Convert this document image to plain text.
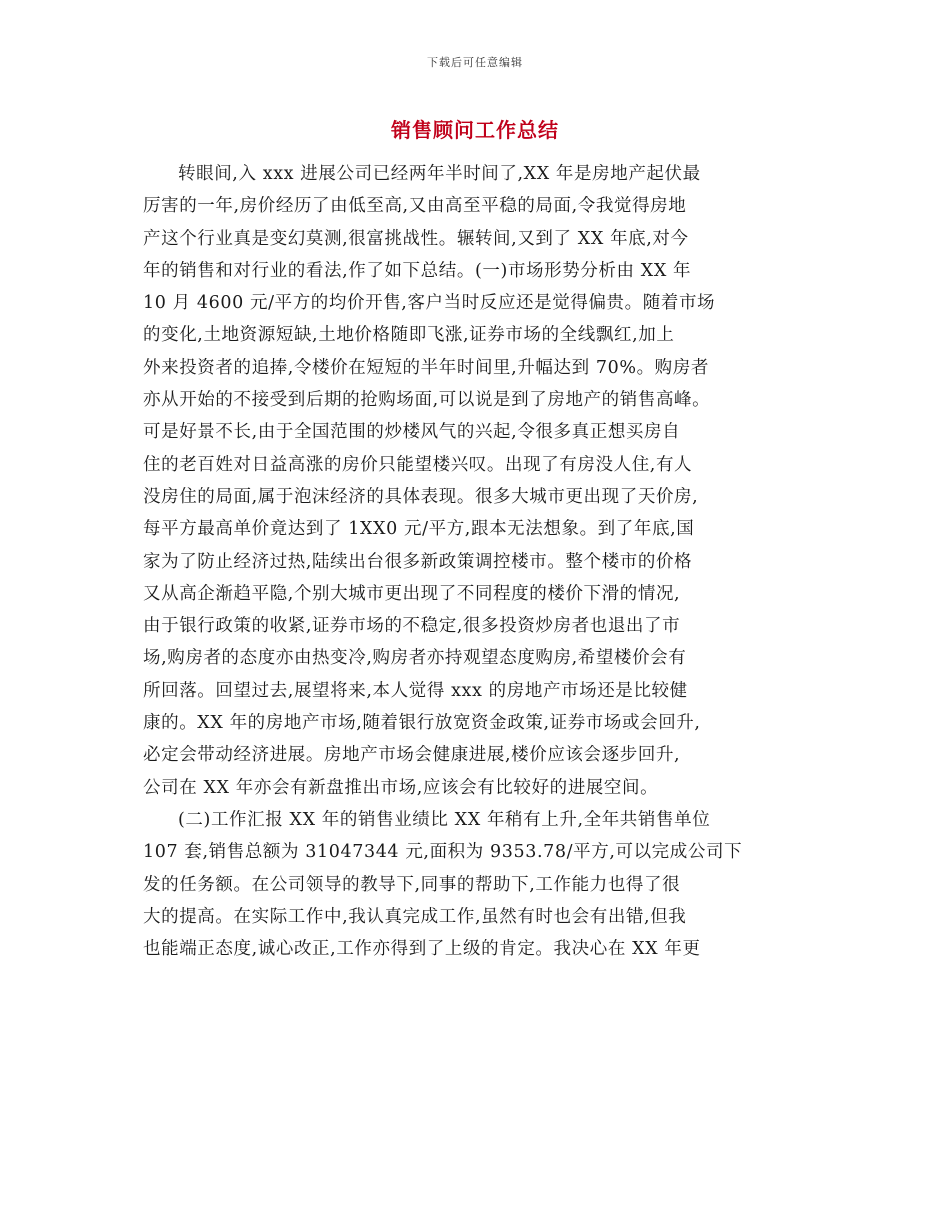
下载后可任意编辑
销售顾问工作总结
转眼间,入 xxx 进展公司已经两年半时间了,XX 年是房地产起伏最
厉害的一年,房价经历了由低至高,又由高至平稳的局面,令我觉得房地
产这个行业真是变幻莫测,很富挑战性。辗转间,又到了 XX 年底,对今
年的销售和对行业的看法,作了如下总结。(一)市场形势分析由 XX 年
10 月 4600 元/平方的均价开售,客户当时反应还是觉得偏贵。随着市场
的变化,土地资源短缺,土地价格随即飞涨,证券市场的全线飘红,加上
外来投资者的追捧,令楼价在短短的半年时间里,升幅达到 70%。购房者
亦从开始的不接受到后期的抢购场面,可以说是到了房地产的销售高峰。
可是好景不长,由于全国范围的炒楼风气的兴起,令很多真正想买房自
住的老百姓对日益高涨的房价只能望楼兴叹。出现了有房没人住,有人
没房住的局面,属于泡沫经济的具体表现。很多大城市更出现了天价房,
每平方最高单价竟达到了 1XX0 元/平方,跟本无法想象。到了年底,国
家为了防止经济过热,陆续出台很多新政策调控楼市。整个楼市的价格
又从高企渐趋平隐,个别大城市更出现了不同程度的楼价下滑的情况,
由于银行政策的收紧,证券市场的不稳定,很多投资炒房者也退出了市
场,购房者的态度亦由热变冷,购房者亦持观望态度购房,希望楼价会有
所回落。回望过去,展望将来,本人觉得 xxx 的房地产市场还是比较健
康的。XX 年的房地产市场,随着银行放宽资金政策,证券市场或会回升,
必定会带动经济进展。房地产市场会健康进展,楼价应该会逐步回升,
公司在 XX 年亦会有新盘推出市场,应该会有比较好的进展空间。
(二)工作汇报 XX 年的销售业绩比 XX 年稍有上升,全年共销售单位
107 套,销售总额为 31047344 元,面积为 9353.78/平方,可以完成公司下
发的任务额。在公司领导的教导下,同事的帮助下,工作能力也得了很
大的提高。在实际工作中,我认真完成工作,虽然有时也会有出错,但我
也能端正态度,诚心改正,工作亦得到了上级的肯定。我决心在 XX 年更
